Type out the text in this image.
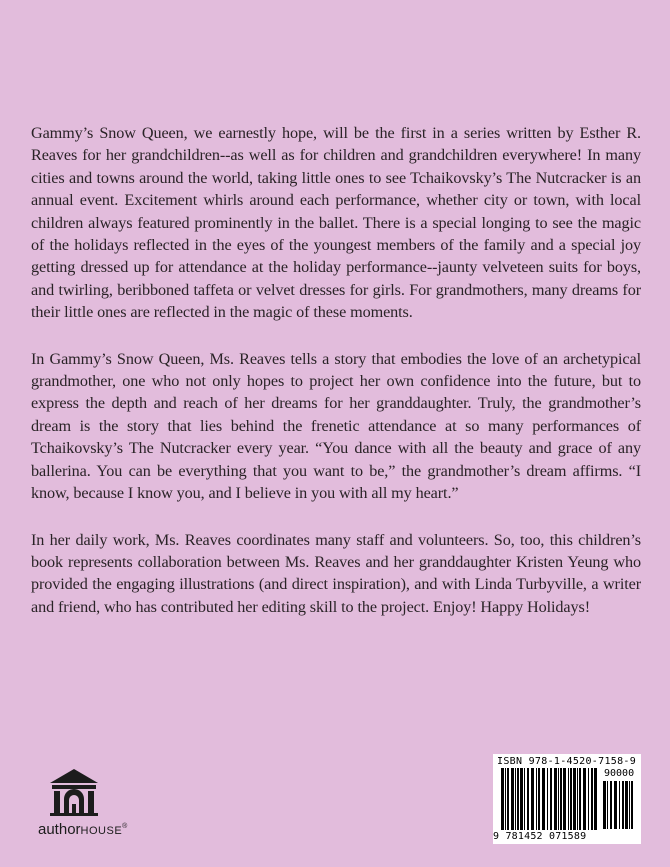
Gammy’s Snow Queen, we earnestly hope, will be the first in a series written by Esther R. Reaves for her grandchildren--as well as for children and grandchildren everywhere! In many cities and towns around the world, taking little ones to see Tchaikovsky’s The Nutcracker is an annual event. Excitement whirls around each performance, whether city or town, with local children always featured prominently in the ballet. There is a special longing to see the magic of the holidays reflected in the eyes of the youngest members of the family and a special joy getting dressed up for attendance at the holiday performance--jaunty velveteen suits for boys, and twirling, beribboned taffeta or velvet dresses for girls. For grandmothers, many dreams for their little ones are reflected in the magic of these moments.

In Gammy’s Snow Queen, Ms. Reaves tells a story that embodies the love of an archetypical grandmother, one who not only hopes to project her own confidence into the future, but to express the depth and reach of her dreams for her granddaughter. Truly, the grandmother’s dream is the story that lies behind the frenetic attendance at so many performances of Tchaikovsky’s The Nutcracker every year. “You dance with all the beauty and grace of any ballerina. You can be everything that you want to be,” the grandmother’s dream affirms. “I know, because I know you, and I believe in you with all my heart.”

In her daily work, Ms. Reaves coordinates many staff and volunteers. So, too, this children’s book represents collaboration between Ms. Reaves and her granddaughter Kristen Yeung who provided the engaging illustrations (and direct inspiration), and with Linda Turbyville, a writer and friend, who has contributed her editing skill to the project. Enjoy! Happy Holidays!

authorHOUSE®
ISBN 978-1-4520-7158-9
90000
9 781452 071589
